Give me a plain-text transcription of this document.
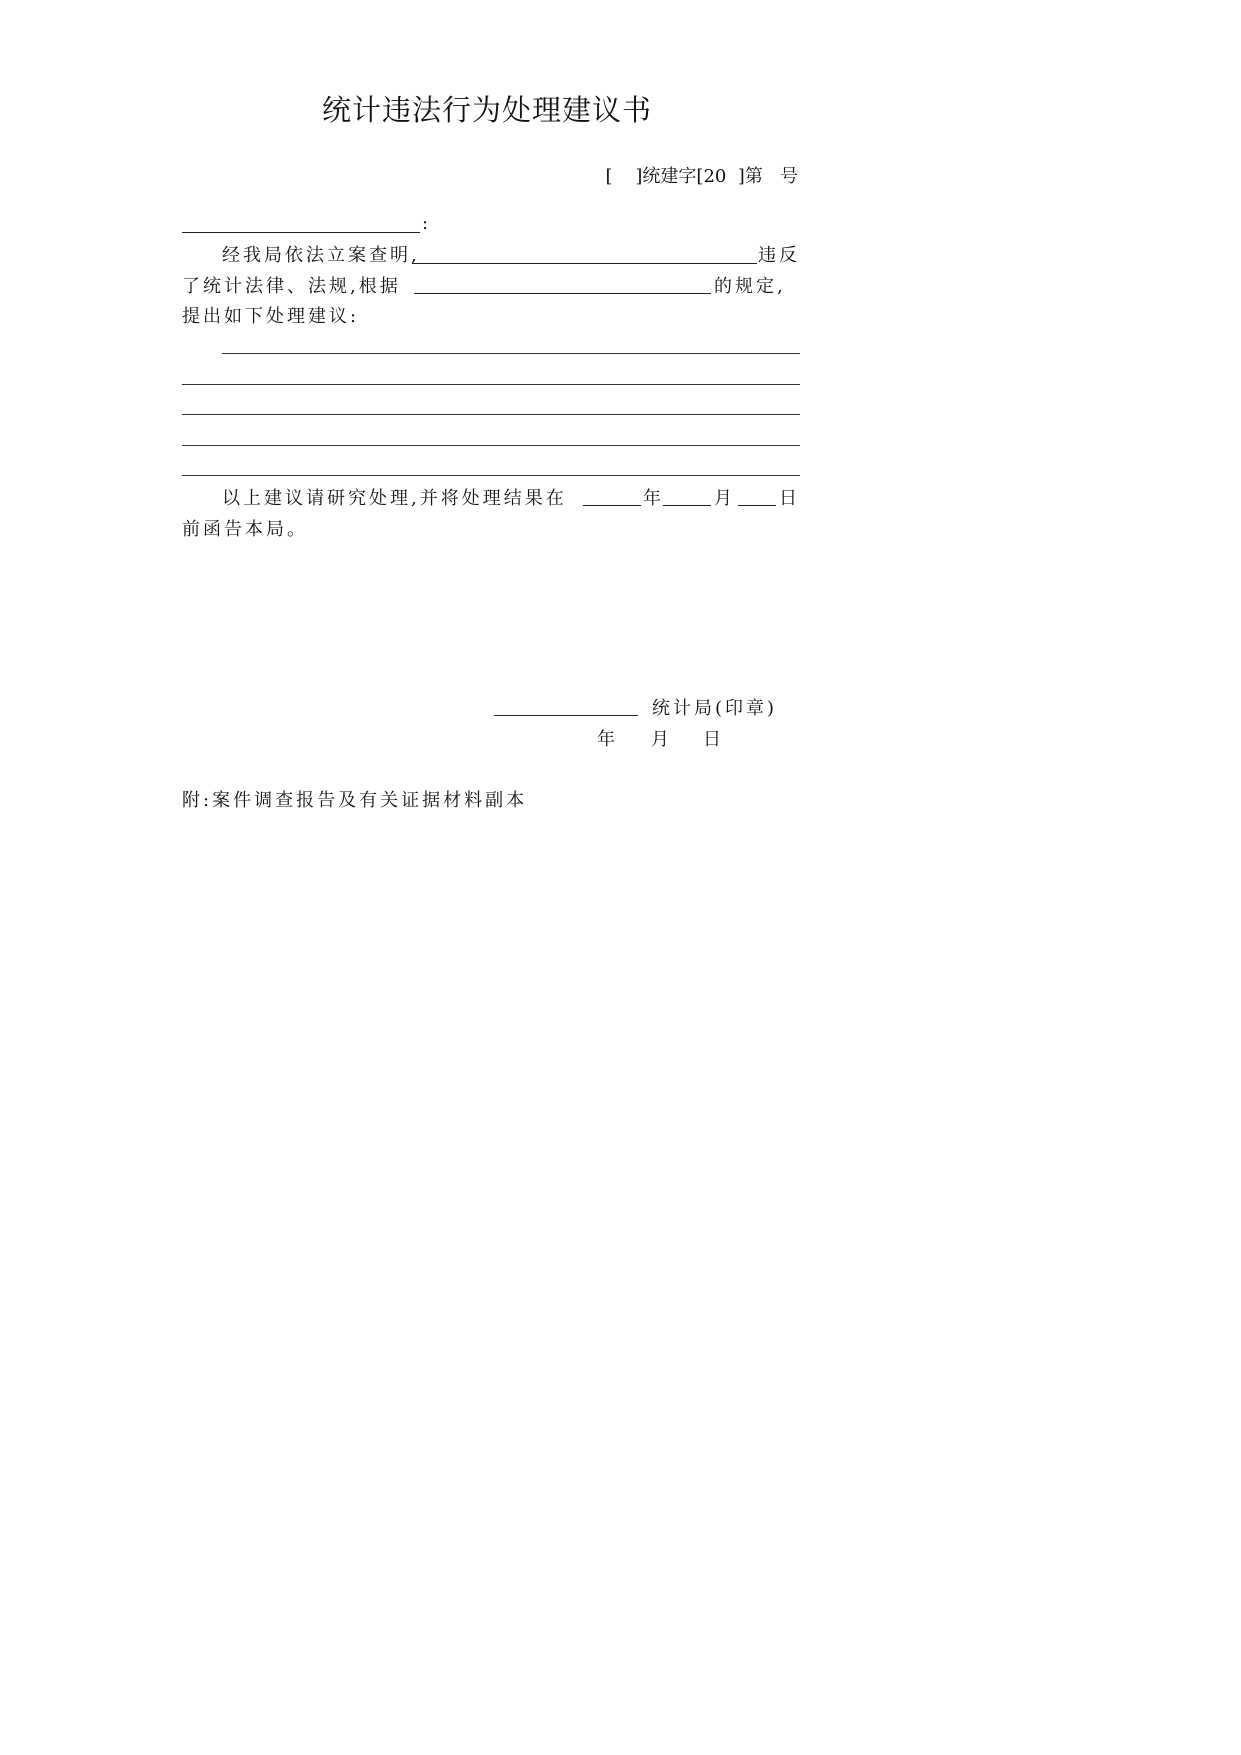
统计违法行为处理建议书
[    ]统建字[20  ]第   号
:
经我局依法立案查明,	违反
了统计法律、法规,根据	的规定,
提出如下处理建议:
以上建议请研究处理,并将处理结果在	年	月 日
前函告本局。
统计局(印章)
年 月 日
附:案件调查报告及有关证据材料副本
